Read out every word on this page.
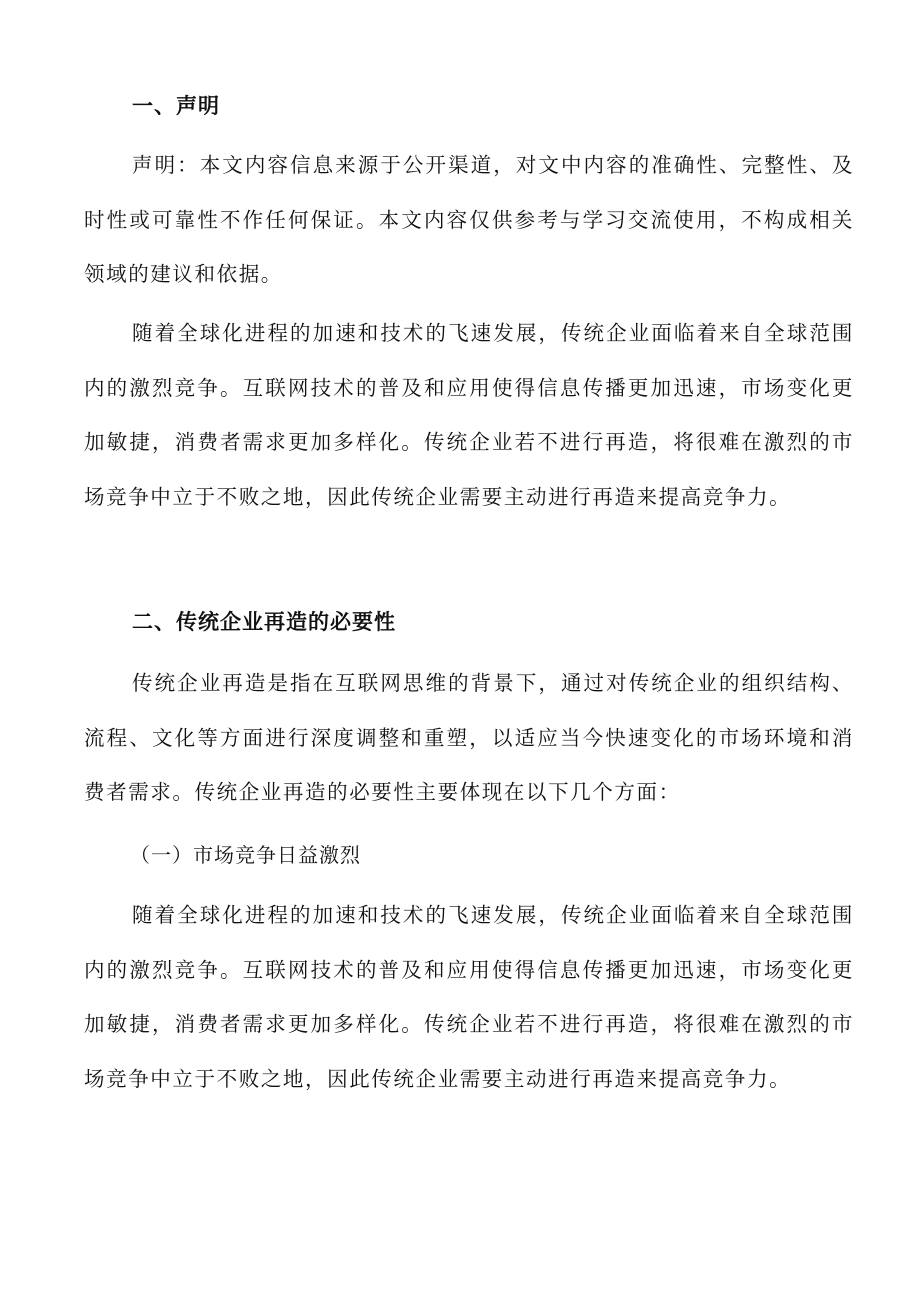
一、声明

声明：本文内容信息来源于公开渠道，对文中内容的准确性、完整性、及时性或可靠性不作任何保证。本文内容仅供参考与学习交流使用，不构成相关领域的建议和依据。

随着全球化进程的加速和技术的飞速发展，传统企业面临着来自全球范围内的激烈竞争。互联网技术的普及和应用使得信息传播更加迅速，市场变化更加敏捷，消费者需求更加多样化。传统企业若不进行再造，将很难在激烈的市场竞争中立于不败之地，因此传统企业需要主动进行再造来提高竞争力。

二、传统企业再造的必要性

传统企业再造是指在互联网思维的背景下，通过对传统企业的组织结构、流程、文化等方面进行深度调整和重塑，以适应当今快速变化的市场环境和消费者需求。传统企业再造的必要性主要体现在以下几个方面：

（一）市场竞争日益激烈

随着全球化进程的加速和技术的飞速发展，传统企业面临着来自全球范围内的激烈竞争。互联网技术的普及和应用使得信息传播更加迅速，市场变化更加敏捷，消费者需求更加多样化。传统企业若不进行再造，将很难在激烈的市场竞争中立于不败之地，因此传统企业需要主动进行再造来提高竞争力。
